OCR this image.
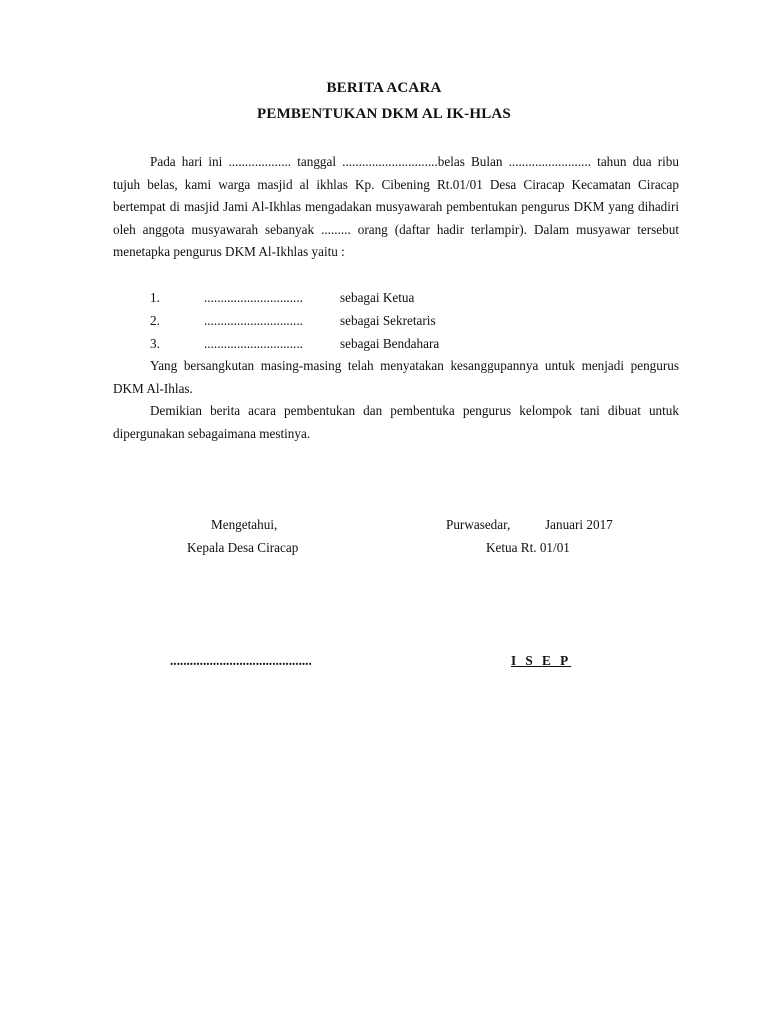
BERITA ACARA
PEMBENTUKAN DKM AL IK-HLAS

Pada hari ini ................... tanggal .............................belas Bulan ......................... tahun dua ribu tujuh belas, kami warga masjid al ikhlas Kp. Cibening Rt.01/01 Desa Ciracap Kecamatan Ciracap bertempat di masjid Jami Al-Ikhlas mengadakan musyawarah pembentukan pengurus DKM yang dihadiri oleh anggota musyawarah sebanyak ......... orang (daftar hadir terlampir). Dalam musyawar tersebut menetapka pengurus DKM Al-Ikhlas yaitu :

1.	..............................	sebagai Ketua
2.	..............................	sebagai Sekretaris
3.	..............................	sebagai Bendahara

Yang bersangkutan masing-masing telah menyatakan kesanggupannya untuk menjadi pengurus DKM Al-Ihlas.

Demikian berita acara pembentukan dan pembentuka pengurus kelompok tani dibuat untuk dipergunakan sebagaimana mestinya.

Mengetahui,
Kepala Desa Ciracap
Purwasedar,	Januari 2017
Ketua Rt. 01/01
...........................................	I S E P
